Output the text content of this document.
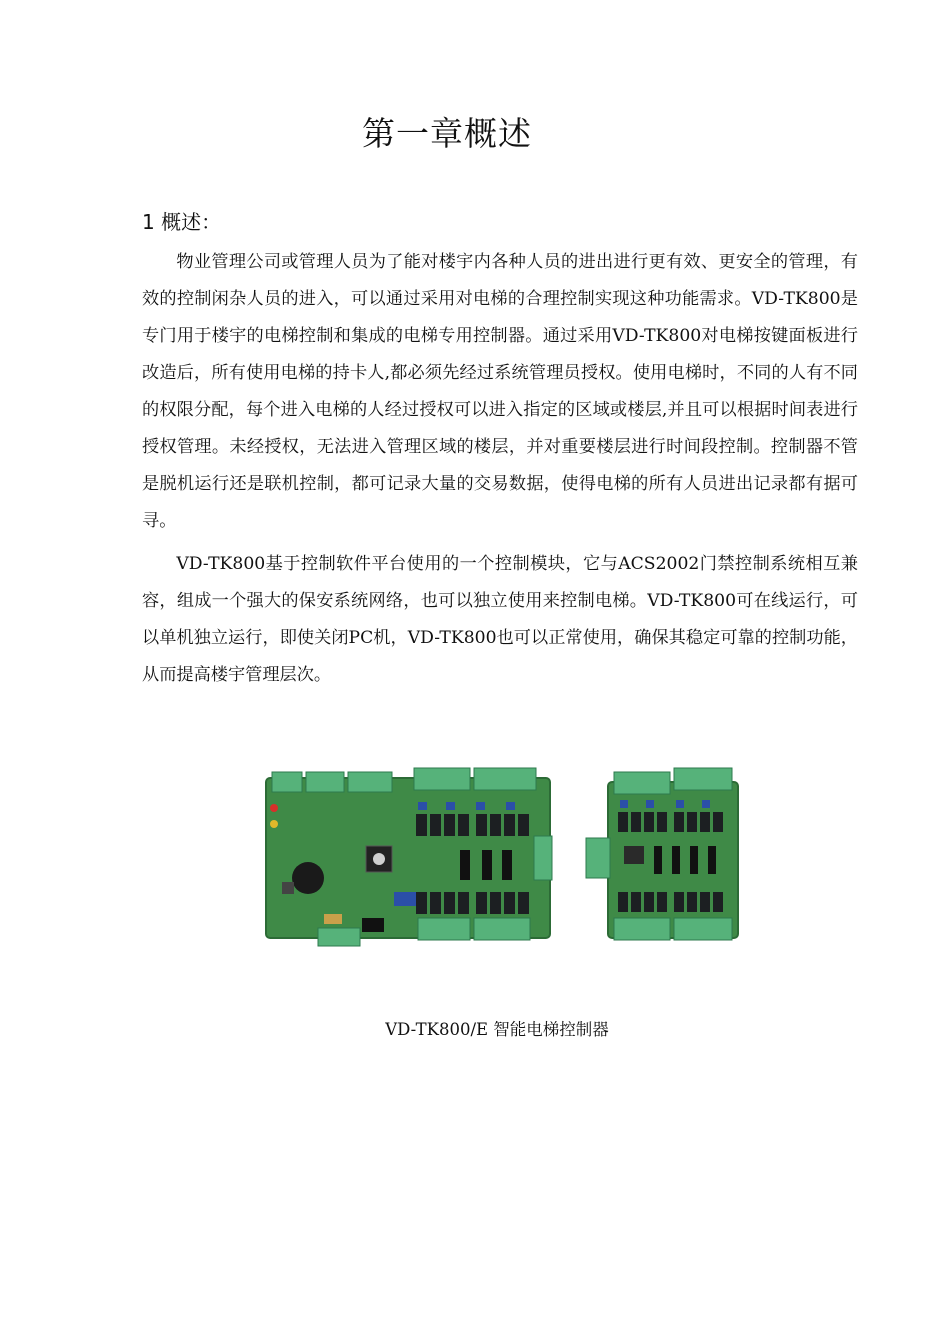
第一章概述
1 概述：

物业管理公司或管理人员为了能对楼宇内各种人员的进出进行更有效、更安全的管理，有效的控制闲杂人员的进入，可以通过采用对电梯的合理控制实现这种功能需求。VD-TK800是专门用于楼宇的电梯控制和集成的电梯专用控制器。通过采用VD-TK800对电梯按键面板进行改造后，所有使用电梯的持卡人,都必须先经过系统管理员授权。使用电梯时，不同的人有不同的权限分配，每个进入电梯的人经过授权可以进入指定的区域或楼层,并且可以根据时间表进行授权管理。未经授权，无法进入管理区域的楼层，并对重要楼层进行时间段控制。控制器不管是脱机运行还是联机控制，都可记录大量的交易数据，使得电梯的所有人员进出记录都有据可寻。

VD-TK800基于控制软件平台使用的一个控制模块，它与ACS2002门禁控制系统相互兼容，组成一个强大的保安系统网络，也可以独立使用来控制电梯。VD-TK800可在线运行，可以单机独立运行，即使关闭PC机，VD-TK800也可以正常使用，确保其稳定可靠的控制功能，从而提高楼宇管理层次。

VD-TK800/E 智能电梯控制器
